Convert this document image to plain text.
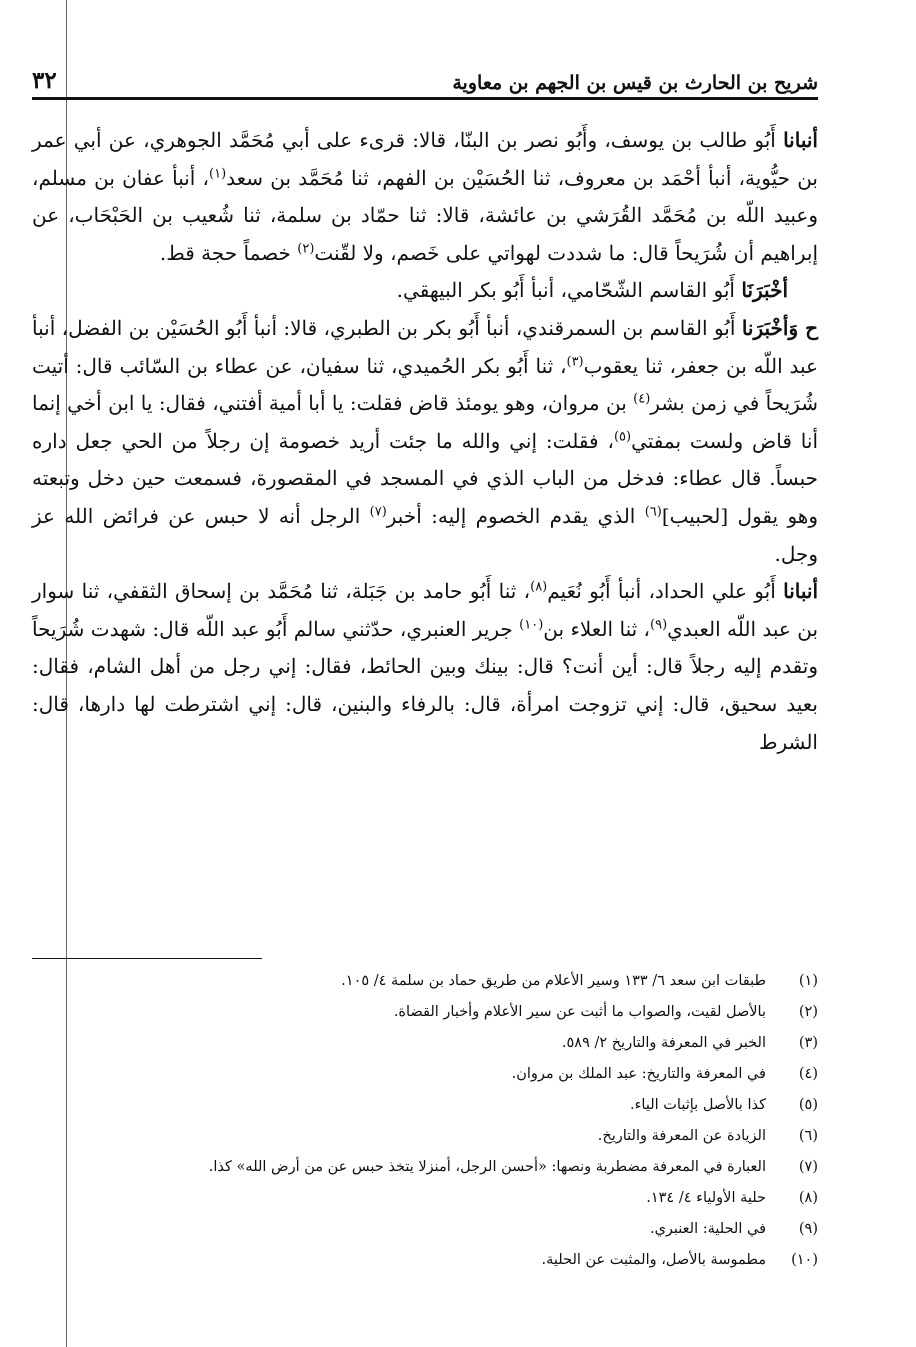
شريح بن الحارث بن قيس بن الجهم بن معاوية
٣٢

أنبانا أَبُو طالب بن يوسف، وأَبُو نصر بن البنّا، قالا: قرىء على أبي مُحَمَّد الجوهري، عن أبي عمر بن حيُّوية، أنبأ أحْمَد بن معروف، ثنا الحُسَيْن بن الفهم، ثنا مُحَمَّد بن سعد$^{(١)}$، أنبأ عفان بن مسلم، وعبيد اللّه بن مُحَمَّد القُرَشي بن عائشة، قالا: ثنا حمّاد بن سلمة، ثنا شُعيب بن الحَبْحَاب، عن إبراهيم أن شُرَيحاً قال: ما شددت لهواتي على خَصم، ولا لقّنت$^{(٢)}$ خصماً حجة قط.

أخْبَرَنَا أَبُو القاسم الشّحّامي، أنبأ أَبُو بكر البيهقي.

ح وَأخْبَرَنا أَبُو القاسم بن السمرقندي، أنبأ أَبُو بكر بن الطبري، قالا: أنبأ أَبُو الحُسَيْن بن الفضل، أنبأ عبد اللّه بن جعفر، ثنا يعقوب$^{(٣)}$، ثنا أَبُو بكر الحُميدي، ثنا سفيان، عن عطاء بن السّائب قال: أتيت شُرَيحاً في زمن بشر$^{(٤)}$ بن مروان، وهو يومئذ قاض فقلت: يا أبا أمية أفتني، فقال: يا ابن أخي إنما أنا قاض ولست بمفتي$^{(٥)}$، فقلت: إني والله ما جئت أريد خصومة إن رجلاً من الحي جعل داره حبساً. قال عطاء: فدخل من الباب الذي في المسجد في المقصورة، فسمعت حين دخل وتبعته وهو يقول [لحبيب]$^{(٦)}$ الذي يقدم الخصوم إليه: أخبر$^{(٧)}$ الرجل أنه لا حبس عن فرائض الله عز وجل.

أنبانا أَبُو علي الحداد، أنبأ أَبُو نُعَيم$^{(٨)}$، ثنا أَبُو حامد بن جَبَلة، ثنا مُحَمَّد بن إسحاق الثقفي، ثنا سوار بن عبد اللّه العبدي$^{(٩)}$، ثنا العلاء بن$^{(١٠)}$ جرير العنبري، حدّثني سالم أَبُو عبد اللّه قال: شهدت شُرَيحاً وتقدم إليه رجلاً قال: أين أنت؟ قال: بينك وبين الحائط، فقال: إني رجل من أهل الشام، فقال: بعيد سحيق، قال: إني تزوجت امرأة، قال: بالرفاء والبنين، قال: إني اشترطت لها دارها، قال: الشرط

(١)
طبقات ابن سعد ٦/ ١٣٣ وسير الأعلام من طريق حماد بن سلمة ٤/ ١٠٥.
(٢)
بالأصل لقيت، والصواب ما أثبت عن سير الأعلام وأخبار القضاة.
(٣)
الخبر في المعرفة والتاريخ ٢/ ٥٨٩.
(٤)
في المعرفة والتاريخ: عبد الملك بن مروان.
(٥)
كذا بالأصل بإثبات الياء.
(٦)
الزيادة عن المعرفة والتاريخ.
(٧)
العبارة في المعرفة مضطربة ونصها: «أحسن الرجل، أمنزلا يتخذ حبس عن من أرض الله» كذا.
(٨)
حلية الأولياء ٤/ ١٣٤.
(٩)
في الحلية: العنبري.
(١٠)
مطموسة بالأصل، والمثبت عن الحلية.
